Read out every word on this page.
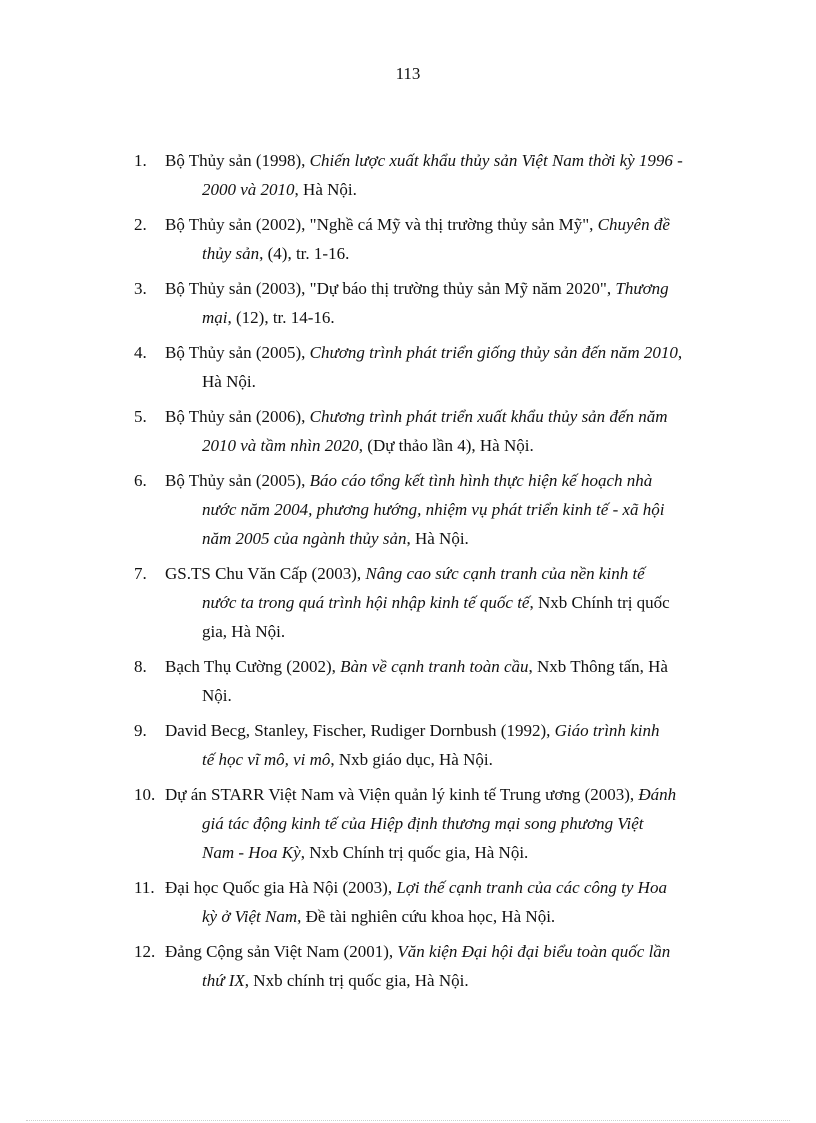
113
1.	Bộ Thủy sản (1998), Chiến lược xuất khẩu thủy sản Việt Nam thời kỳ 1996 -
2000 và 2010, Hà Nội.
2.	Bộ Thủy sản (2002), "Nghề cá Mỹ và thị trường thủy sản Mỹ", Chuyên đề
thủy sản, (4), tr. 1-16.
3.	Bộ Thủy sản (2003), "Dự báo thị trường thủy sản Mỹ năm 2020", Thương
mại, (12), tr. 14-16.
4.	Bộ Thủy sản (2005), Chương trình phát triển giống thủy sản đến năm 2010,
Hà Nội.
5.	Bộ Thủy sản (2006), Chương trình phát triển xuất khẩu thủy sản đến năm
2010 và tầm nhìn 2020, (Dự thảo lần 4), Hà Nội.
6.	Bộ Thủy sản (2005), Báo cáo tổng kết tình hình thực hiện kế hoạch nhà
nước năm 2004, phương hướng, nhiệm vụ phát triển kinh tế - xã hội
năm 2005 của ngành thủy sản, Hà Nội.
7.	GS.TS Chu Văn Cấp (2003), Nâng cao sức cạnh tranh của nền kinh tế
nước ta trong quá trình hội nhập kinh tế quốc tế, Nxb Chính trị quốc
gia, Hà Nội.
8.	Bạch Thụ Cường (2002), Bàn về cạnh tranh toàn cầu, Nxb Thông tấn, Hà
Nội.
9.	David Becg, Stanley, Fischer, Rudiger Dornbush (1992), Giáo trình kinh
tế học vĩ mô, vi mô, Nxb giáo dục, Hà Nội.
10. Dự án STARR Việt Nam và Viện quản lý kinh tế Trung ương (2003), Đánh
giá tác động kinh tế của Hiệp định thương mại song phương Việt
Nam - Hoa Kỳ, Nxb Chính trị quốc gia, Hà Nội.
11. Đại học Quốc gia Hà Nội (2003), Lợi thế cạnh tranh của các công ty Hoa
kỳ ở Việt Nam, Đề tài nghiên cứu khoa học, Hà Nội.
12. Đảng Cộng sản Việt Nam (2001), Văn kiện Đại hội đại biểu toàn quốc lần
thứ IX, Nxb chính trị quốc gia, Hà Nội.
